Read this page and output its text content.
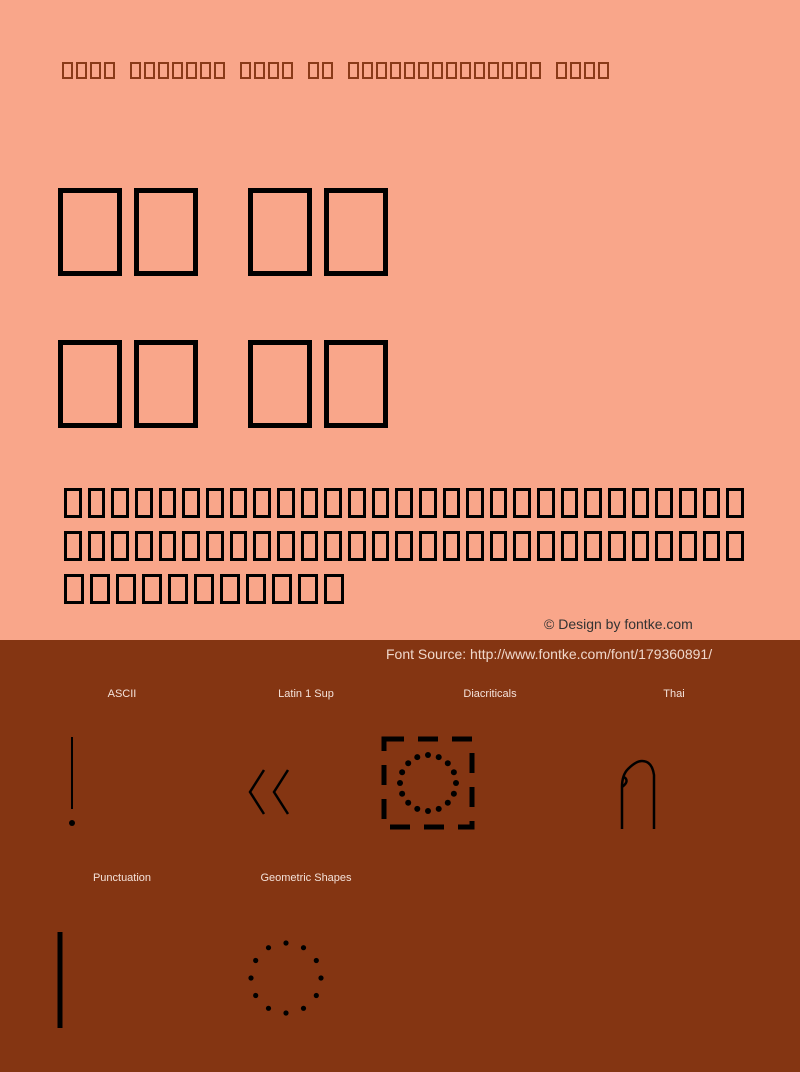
© Design by fontke.com
Font Source: http://www.fontke.com/font/179360891/
ASCII	Latin 1 Sup	Diacriticals	Thai
Punctuation	Geometric Shapes
